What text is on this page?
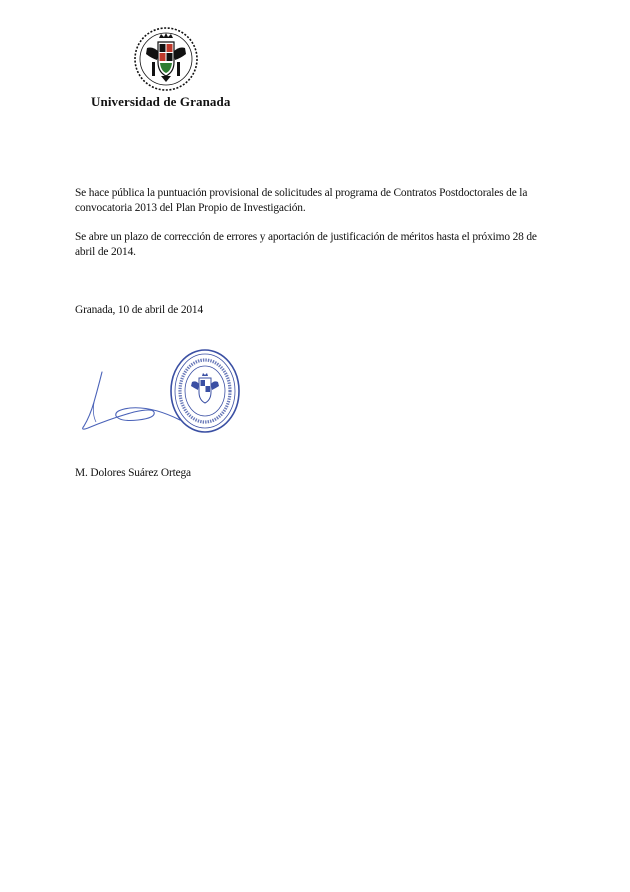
Universidad de Granada
Se hace pública la puntuación provisional de solicitudes al programa de Contratos Postdoctorales de la convocatoria 2013 del Plan Propio de Investigación.
Se abre un plazo de corrección de errores y aportación de justificación de méritos hasta el próximo 28 de abril de 2014.
Granada, 10 de abril de 2014
M. Dolores Suárez Ortega
